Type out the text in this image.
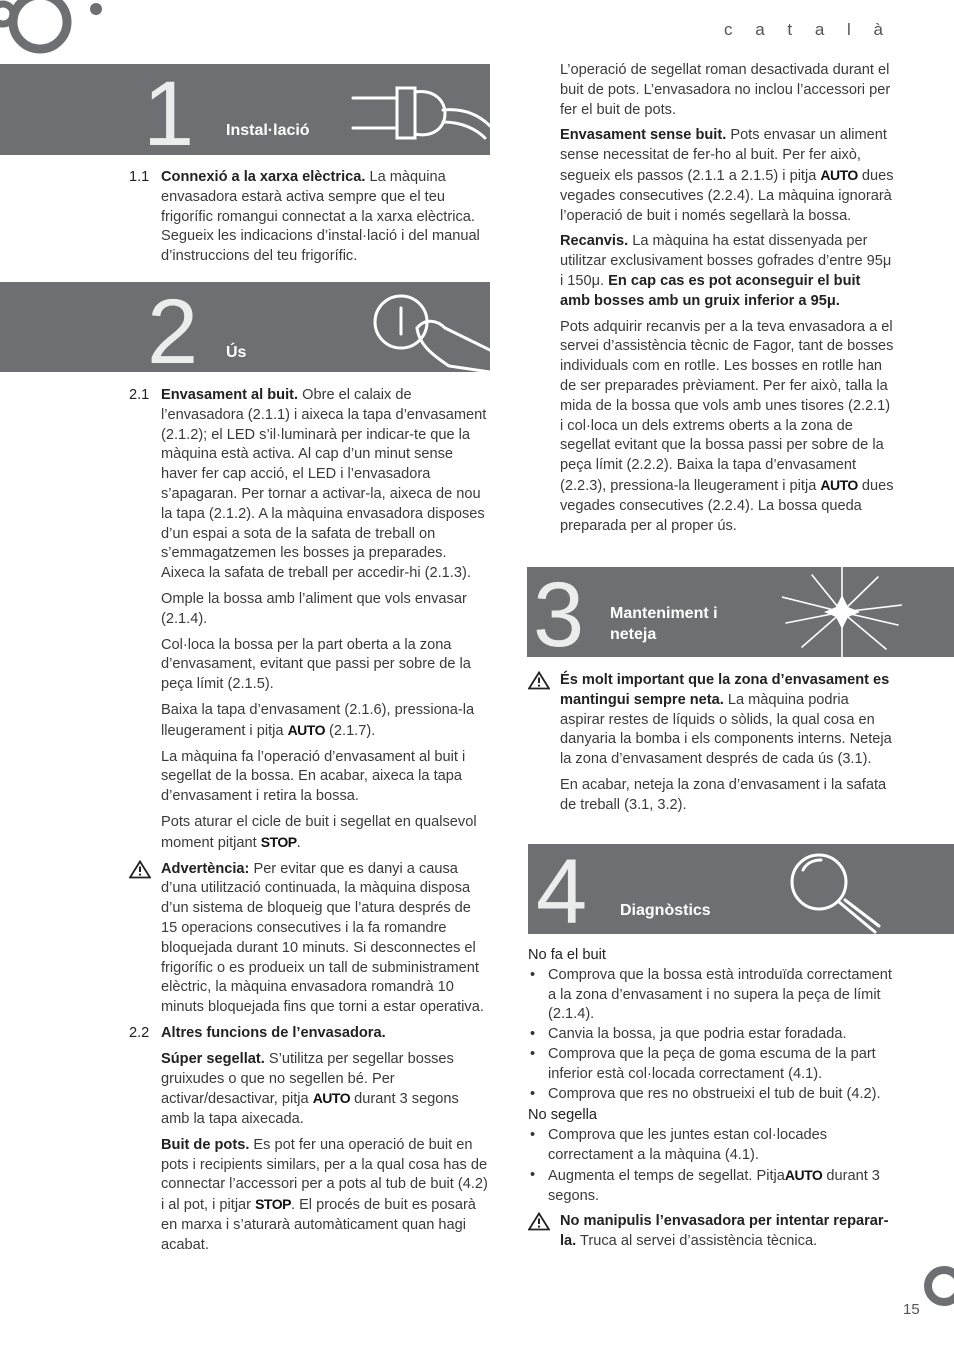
c a t a l à
15
1 Instal·lació
2 Ús
3 Manteniment i
neteja
4 Diagnòstics
1.1 Connexió a la xarxa elèctrica. La màquina envasadora estarà activa sempre que el teu frigorífic romangui connectat a la xarxa elèctrica. Segueix les indicacions d’instal·lació i del manual d’instruccions del teu frigorífic.

2.1 Envasament al buit. Obre el calaix de l’envasadora (2.1.1) i aixeca la tapa d’envasament (2.1.2); el LED s’il·luminarà per indicar-te que la màquina està activa. Al cap d’un minut sense haver fer cap acció, el LED i l’envasadora s’apagaran. Per tornar a activar-la, aixeca de nou la tapa (2.1.2). A la màquina envasadora disposes d’un espai a sota de la safata de treball on s’emmagatzemen les bosses ja preparades. Aixeca la safata de treball per accedir-hi (2.1.3).

Omple la bossa amb l’aliment que vols envasar (2.1.4).

Col·loca la bossa per la part oberta a la zona d’envasament, evitant que passi per sobre de la peça límit (2.1.5).

Baixa la tapa d’envasament (2.1.6), pressiona-la lleugerament i pitja AUTO (2.1.7).

La màquina fa l’operació d’envasament al buit i segellat de la bossa. En acabar, aixeca la tapa d’envasament i retira la bossa.

Pots aturar el cicle de buit i segellat en qualsevol moment pitjant STOP.

Advertència: Per evitar que es danyi a causa d’una utilització continuada, la màquina disposa d’un sistema de bloqueig que l’atura després de 15 operacions consecutives i la fa romandre bloquejada durant 10 minuts. Si desconnectes el frigorífic o es produeix un tall de subministrament elèctric, la màquina envasadora romandrà 10 minuts bloquejada fins que torni a estar operativa.

2.2 Altres funcions de l’envasadora.

Súper segellat. S’utilitza per segellar bosses gruixudes o que no segellen bé. Per activar/desactivar, pitja AUTO durant 3 segons amb la tapa aixecada.

Buit de pots. Es pot fer una operació de buit en pots i recipients similars, per a la qual cosa has de connectar l’accessori per a pots al tub de buit (4.2) i al pot, i pitjar STOP. El procés de buit es posarà en marxa i s’aturarà automàticament quan hagi acabat.

L’operació de segellat roman desactivada durant el buit de pots. L’envasadora no inclou l’accessori per fer el buit de pots.

Envasament sense buit. Pots envasar un aliment sense necessitat de fer-ho al buit. Per fer això, segueix els passos (2.1.1 a 2.1.5) i pitja AUTO dues vegades consecutives (2.2.4). La màquina ignorarà l’operació de buit i només segellarà la bossa.

Recanvis. La màquina ha estat dissenyada per utilitzar exclusivament bosses gofrades d’entre 95μ i 150μ. En cap cas es pot aconseguir el buit amb bosses amb un gruix inferior a 95μ.

Pots adquirir recanvis per a la teva envasadora a el servei d’assistència tècnic de Fagor, tant de bosses individuals com en rotlle. Les bosses en rotlle han de ser preparades prèviament. Per fer això, talla la mida de la bossa que vols amb unes tisores (2.2.1) i col·loca un dels extrems oberts a la zona de segellat evitant que la bossa passi per sobre de la peça límit (2.2.2). Baixa la tapa d’envasament (2.2.3), pressiona-la lleugerament i pitja AUTO dues vegades consecutives (2.2.4). La bossa queda preparada per al proper ús.

És molt important que la zona d’envasament es mantingui sempre neta. La màquina podria aspirar restes de líquids o sòlids, la qual cosa en danyaria la bomba i els components interns. Neteja la zona d’envasament després de cada ús (3.1).

En acabar, neteja la zona d’envasament i la safata de treball (3.1, 3.2).

No fa el buit

• Comprova que la bossa està introduïda correctament a la zona d’envasament i no supera la peça de límit (2.1.4).
• Canvia la bossa, ja que podria estar foradada.
• Comprova que la peça de goma escuma de la part inferior està col·locada correctament (4.1).
• Comprova que res no obstrueixi el tub de buit (4.2).

No segella

• Comprova que les juntes estan col·locades correctament a la màquina (4.1).
• Augmenta el temps de segellat. PitjaAUTO durant 3 segons.

No manipulis l’envasadora per intentar reparar-la. Truca al servei d’assistència tècnica.
